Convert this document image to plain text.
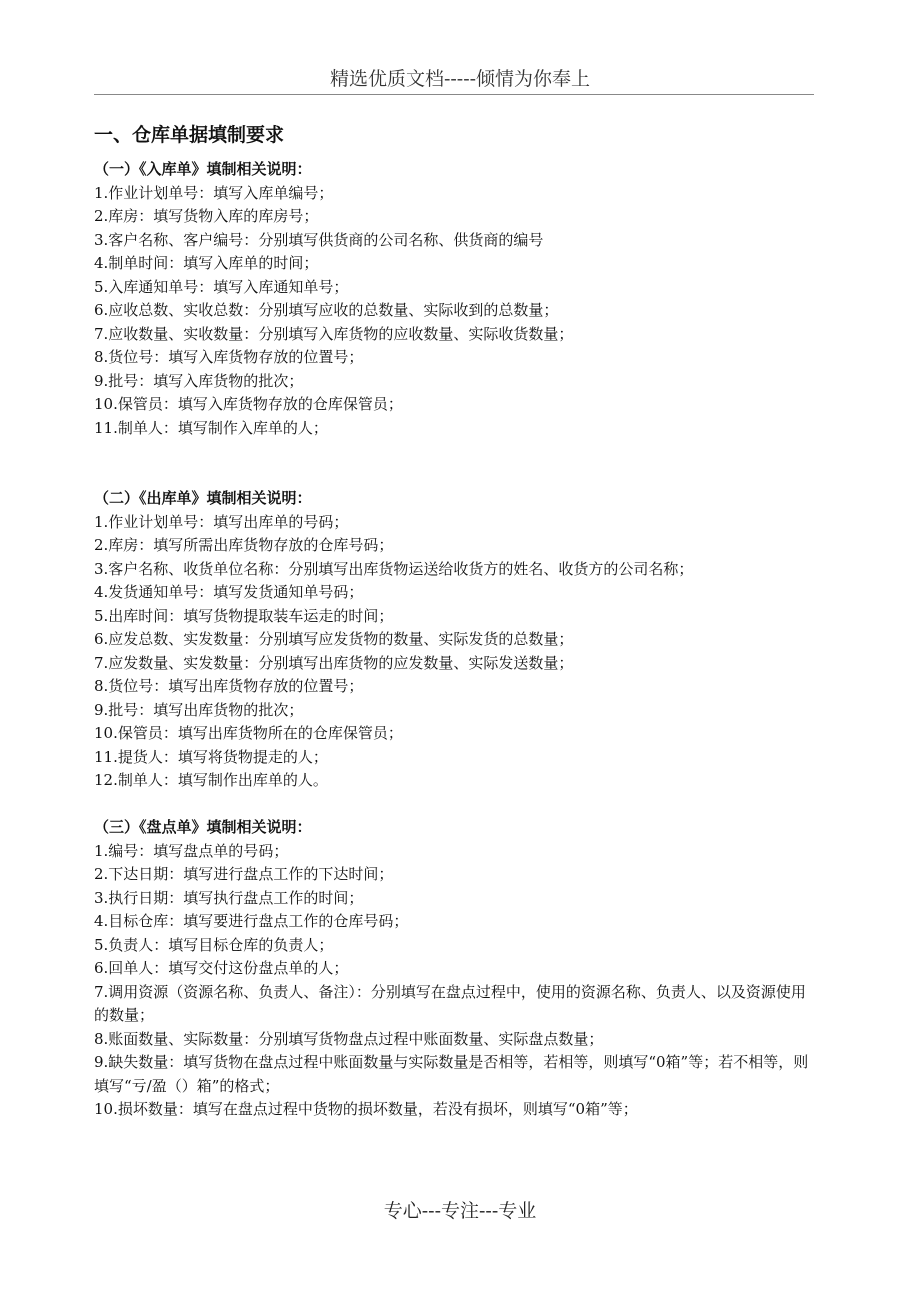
精选优质文档-----倾情为你奉上
一、仓库单据填制要求

（一）《入库单》填制相关说明：

1.作业计划单号：填写入库单编号；

2.库房：填写货物入库的库房号；

3.客户名称、客户编号：分别填写供货商的公司名称、供货商的编号

4.制单时间：填写入库单的时间；

5.入库通知单号：填写入库通知单号；

6.应收总数、实收总数：分别填写应收的总数量、实际收到的总数量；

7.应收数量、实收数量：分别填写入库货物的应收数量、实际收货数量；

8.货位号：填写入库货物存放的位置号；

9.批号：填写入库货物的批次；

10.保管员：填写入库货物存放的仓库保管员；

11.制单人：填写制作入库单的人；

（二）《出库单》填制相关说明：

1.作业计划单号：填写出库单的号码；

2.库房：填写所需出库货物存放的仓库号码；

3.客户名称、收货单位名称：分别填写出库货物运送给收货方的姓名、收货方的公司名称；

4.发货通知单号：填写发货通知单号码；

5.出库时间：填写货物提取装车运走的时间；

6.应发总数、实发数量：分别填写应发货物的数量、实际发货的总数量；

7.应发数量、实发数量：分别填写出库货物的应发数量、实际发送数量；

8.货位号：填写出库货物存放的位置号；

9.批号：填写出库货物的批次；

10.保管员：填写出库货物所在的仓库保管员；

11.提货人：填写将货物提走的人；

12.制单人：填写制作出库单的人。

（三）《盘点单》填制相关说明：

1.编号：填写盘点单的号码；

2.下达日期：填写进行盘点工作的下达时间；

3.执行日期：填写执行盘点工作的时间；

4.目标仓库：填写要进行盘点工作的仓库号码；

5.负责人：填写目标仓库的负责人；

6.回单人：填写交付这份盘点单的人；

7.调用资源（资源名称、负责人、备注）：分别填写在盘点过程中，使用的资源名称、负责人、以及资源使用的数量；

8.账面数量、实际数量：分别填写货物盘点过程中账面数量、实际盘点数量；

9.缺失数量：填写货物在盘点过程中账面数量与实际数量是否相等，若相等，则填写“0箱”等；若不相等，则填写“亏/盈（）箱”的格式；

10.损坏数量：填写在盘点过程中货物的损坏数量，若没有损坏，则填写“0箱”等；

专心---专注---专业
